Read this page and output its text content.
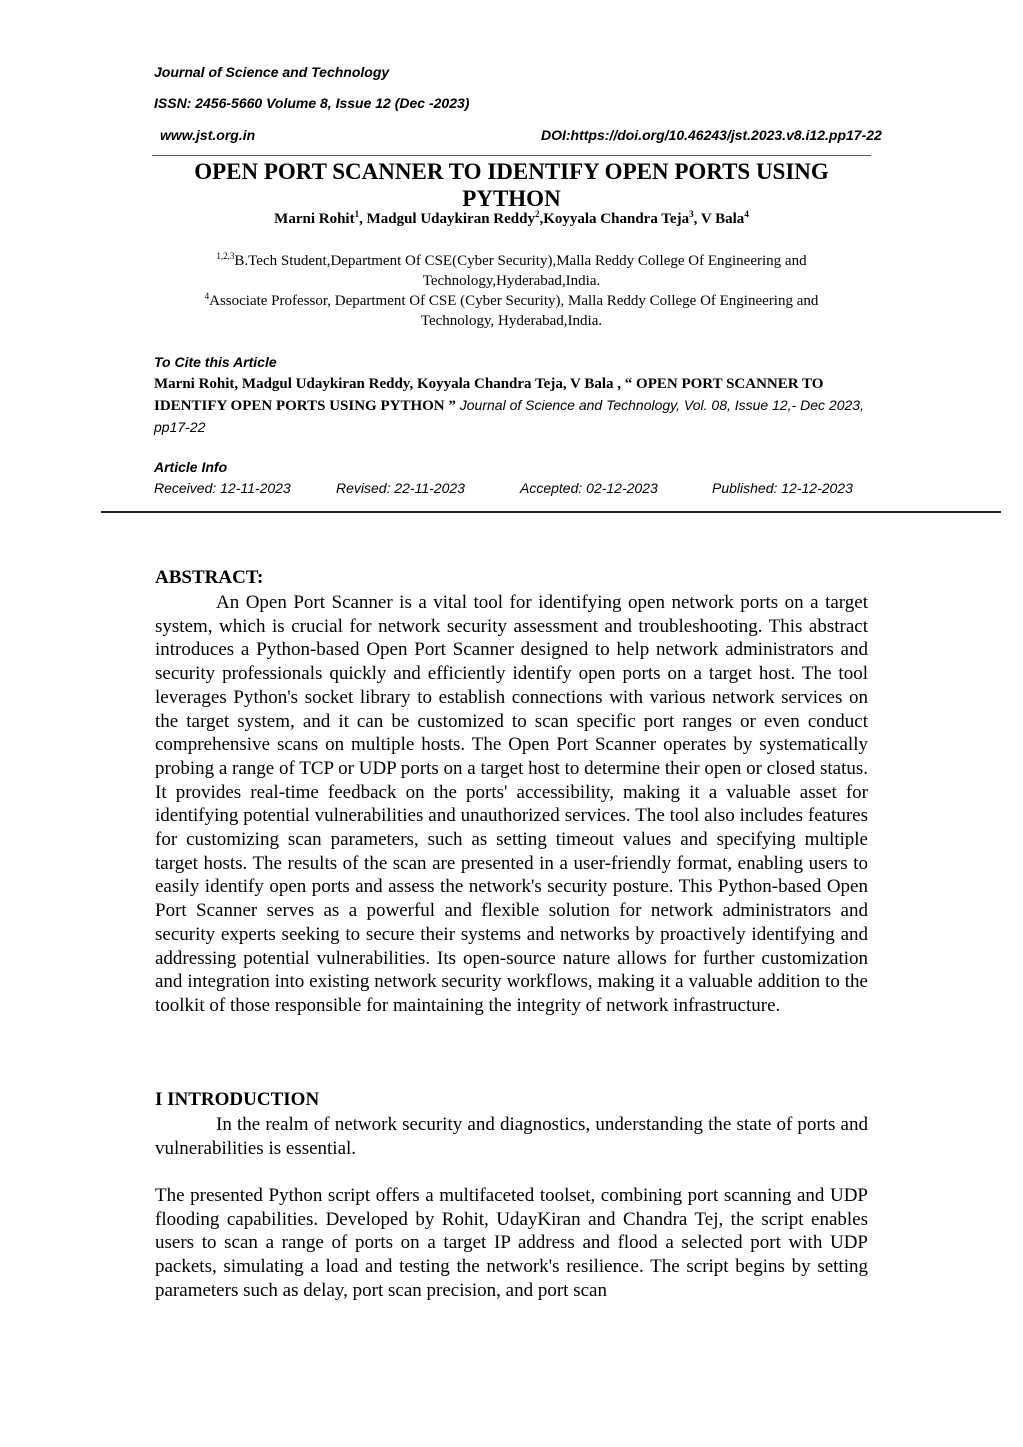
Journal of Science and Technology
ISSN: 2456-5660 Volume 8, Issue 12 (Dec -2023)
www.jst.org.in	DOI:https://doi.org/10.46243/jst.2023.v8.i12.pp17-22
OPEN PORT SCANNER TO IDENTIFY OPEN PORTS USING PYTHON
Marni Rohit$^1$, Madgul Udaykiran Reddy$^2$,Koyyala Chandra Teja$^3$, V Bala$^4$
$^{1,2,3}$B.Tech Student,Department Of CSE(Cyber Security),Malla Reddy College Of Engineering and
Technology,Hyderabad,India.
$^4$Associate Professor, Department Of CSE (Cyber Security), Malla Reddy College Of Engineering and
Technology, Hyderabad,India.
To Cite this Article
Marni Rohit, Madgul Udaykiran Reddy, Koyyala Chandra Teja, V Bala , “ OPEN PORT SCANNER TO IDENTIFY OPEN PORTS USING PYTHON ” Journal of Science and Technology, Vol. 08, Issue 12,- Dec 2023, pp17-22
Article Info
Received: 12-11-2023	Revised: 22-11-2023	Accepted: 02-12-2023	Published: 12-12-2023
ABSTRACT:
An Open Port Scanner is a vital tool for identifying open network ports on a target system, which is crucial for network security assessment and troubleshooting. This abstract introduces a Python-based Open Port Scanner designed to help network administrators and security professionals quickly and efficiently identify open ports on a target host. The tool leverages Python's socket library to establish connections with various network services on the target system, and it can be customized to scan specific port ranges or even conduct comprehensive scans on multiple hosts. The Open Port Scanner operates by systematically probing a range of TCP or UDP ports on a target host to determine their open or closed status. It provides real-time feedback on the ports' accessibility, making it a valuable asset for identifying potential vulnerabilities and unauthorized services. The tool also includes features for customizing scan parameters, such as setting timeout values and specifying multiple target hosts. The results of the scan are presented in a user-friendly format, enabling users to easily identify open ports and assess the network's security posture. This Python-based Open Port Scanner serves as a powerful and flexible solution for network administrators and security experts seeking to secure their systems and networks by proactively identifying and addressing potential vulnerabilities. Its open-source nature allows for further customization and integration into existing network security workflows, making it a valuable addition to the toolkit of those responsible for maintaining the integrity of network infrastructure.
I INTRODUCTION
In the realm of network security and diagnostics, understanding the state of ports and vulnerabilities is essential.
The presented Python script offers a multifaceted toolset, combining port scanning and UDP flooding capabilities. Developed by Rohit, UdayKiran and Chandra Tej, the script enables users to scan a range of ports on a target IP address and flood a selected port with UDP packets, simulating a load and testing the network's resilience. The script begins by setting parameters such as delay, port scan precision, and port scan
